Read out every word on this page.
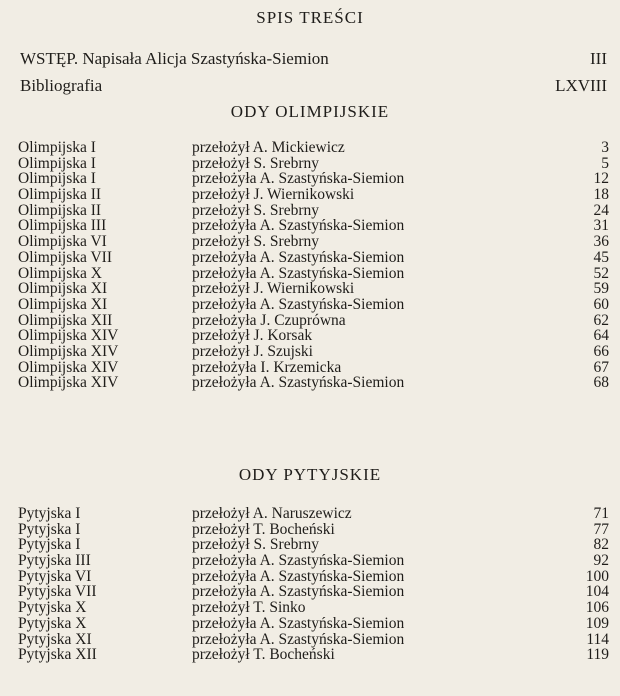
SPIS TREŚCI
WSTĘP. Napisała Alicja Szastyńska-Siemion	III
Bibliografia	LXVIII
ODY OLIMPIJSKIE
Olimpijska I	przełożył A. Mickiewicz	3
Olimpijska I	przełożył S. Srebrny	5
Olimpijska I	przełożyła A. Szastyńska-Siemion	12
Olimpijska II	przełożył J. Wiernikowski	18
Olimpijska II	przełożył S. Srebrny	24
Olimpijska III	przełożyła A. Szastyńska-Siemion	31
Olimpijska VI	przełożył S. Srebrny	36
Olimpijska VII	przełożyła A. Szastyńska-Siemion	45
Olimpijska X	przełożyła A. Szastyńska-Siemion	52
Olimpijska XI	przełożył J. Wiernikowski	59
Olimpijska XI	przełożyła A. Szastyńska-Siemion	60
Olimpijska XII	przełożyła J. Czuprówna	62
Olimpijska XIV	przełożył J. Korsak	64
Olimpijska XIV	przełożył J. Szujski	66
Olimpijska XIV	przełożyła I. Krzemicka	67
Olimpijska XIV	przełożyła A. Szastyńska-Siemion	68
ODY PYTYJSKIE
Pytyjska I	przełożył A. Naruszewicz	71
Pytyjska I	przełożył T. Bocheński	77
Pytyjska I	przełożył S. Srebrny	82
Pytyjska III	przełożyła A. Szastyńska-Siemion	92
Pytyjska VI	przełożyła A. Szastyńska-Siemion	100
Pytyjska VII	przełożyła A. Szastyńska-Siemion	104
Pytyjska X	przełożył T. Sinko	106
Pytyjska X	przełożyła A. Szastyńska-Siemion	109
Pytyjska XI	przełożyła A. Szastyńska-Siemion	114
Pytyjska XII	przełożył T. Bocheński	119
